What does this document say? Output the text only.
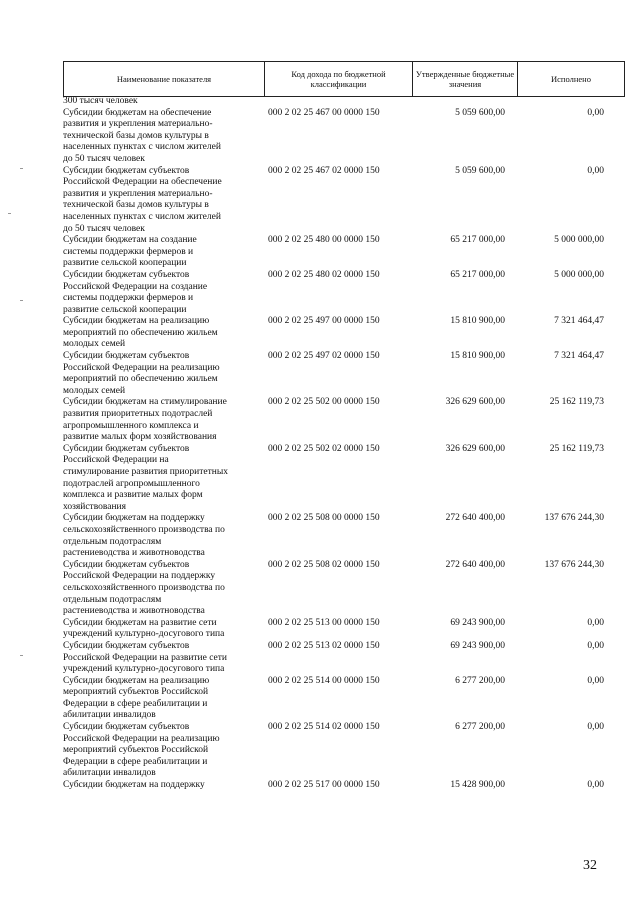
Наименование показателя	Код дохода по бюджетной классификации	Утвержденные бюджетные значения	Исполнено
300 тысяч человек
Субсидии бюджетам на обеспечение
развития и укрепления материально-
технической базы домов культуры в
населенных пунктах с числом жителей
до 50 тысяч человек
000 2 02 25 467 00 0000 150	5 059 600,00	0,00
Субсидии бюджетам субъектов
Российской Федерации на обеспечение
развития и укрепления материально-
технической базы домов культуры в
населенных пунктах с числом жителей
до 50 тысяч человек
000 2 02 25 467 02 0000 150	5 059 600,00	0,00
Субсидии бюджетам на создание
системы поддержки фермеров и
развитие сельской кооперации
000 2 02 25 480 00 0000 150	65 217 000,00	5 000 000,00
Субсидии бюджетам субъектов
Российской Федерации на создание
системы поддержки фермеров и
развитие сельской кооперации
000 2 02 25 480 02 0000 150	65 217 000,00	5 000 000,00
Субсидии бюджетам на реализацию
мероприятий по обеспечению жильем
молодых семей
000 2 02 25 497 00 0000 150	15 810 900,00	7 321 464,47
Субсидии бюджетам субъектов
Российской Федерации на реализацию
мероприятий по обеспечению жильем
молодых семей
000 2 02 25 497 02 0000 150	15 810 900,00	7 321 464,47
Субсидии бюджетам на стимулирование
развития приоритетных подотраслей
агропромышленного комплекса и
развитие малых форм хозяйствования
000 2 02 25 502 00 0000 150	326 629 600,00	25 162 119,73
Субсидии бюджетам субъектов
Российской Федерации на
стимулирование развития приоритетных
подотраслей агропромышленного
комплекса и развитие малых форм
хозяйствования
000 2 02 25 502 02 0000 150	326 629 600,00	25 162 119,73
Субсидии бюджетам на поддержку
сельскохозяйственного производства по
отдельным подотраслям
растениеводства и животноводства
000 2 02 25 508 00 0000 150	272 640 400,00	137 676 244,30
Субсидии бюджетам субъектов
Российской Федерации на поддержку
сельскохозяйственного производства по
отдельным подотраслям
растениеводства и животноводства
000 2 02 25 508 02 0000 150	272 640 400,00	137 676 244,30
Субсидии бюджетам на развитие сети
учреждений культурно-досугового типа
000 2 02 25 513 00 0000 150	69 243 900,00	0,00
Субсидии бюджетам субъектов
Российской Федерации на развитие сети
учреждений культурно-досугового типа
000 2 02 25 513 02 0000 150	69 243 900,00	0,00
Субсидии бюджетам на реализацию
мероприятий субъектов Российской
Федерации в сфере реабилитации и
абилитации инвалидов
000 2 02 25 514 00 0000 150	6 277 200,00	0,00
Субсидии бюджетам субъектов
Российской Федерации на реализацию
мероприятий субъектов Российской
Федерации в сфере реабилитации и
абилитации инвалидов
000 2 02 25 514 02 0000 150	6 277 200,00	0,00
Субсидии бюджетам на поддержку	000 2 02 25 517 00 0000 150	15 428 900,00	0,00
32
